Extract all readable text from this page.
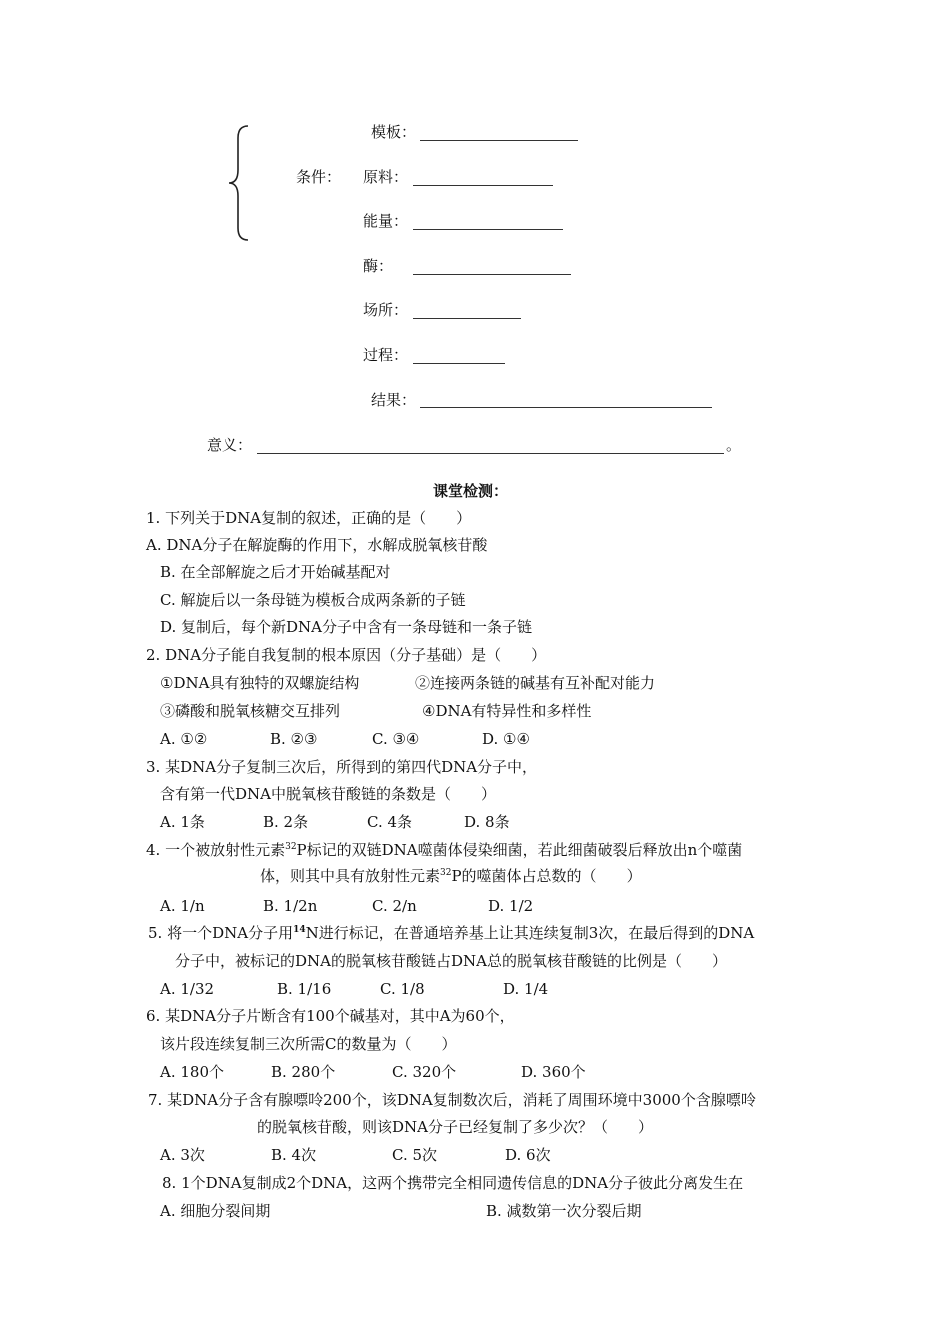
模板：
条件： 原料：
能量：
酶：
场所：
过程：
结果：
意义：	。
课堂检测：
1. 下列关于DNA复制的叙述，正确的是（　　）
A. DNA分子在解旋酶的作用下，水解成脱氧核苷酸
B. 在全部解旋之后才开始碱基配对
C. 解旋后以一条母链为模板合成两条新的子链
D. 复制后，每个新DNA分子中含有一条母链和一条子链
2. DNA分子能自我复制的根本原因（分子基础）是（　　）
①DNA具有独特的双螺旋结构	②连接两条链的碱基有互补配对能力
③磷酸和脱氧核糖交互排列	④DNA有特异性和多样性
A. ①②	B. ②③	C. ③④	D. ①④
3. 某DNA分子复制三次后，所得到的第四代DNA分子中，
含有第一代DNA中脱氧核苷酸链的条数是（　　）
A. 1条	B. 2条	C. 4条	D. 8条
4. 一个被放射性元素$^{32}$P标记的双链DNA噬菌体侵染细菌，若此细菌破裂后释放出n个噬菌
体，则其中具有放射性元素$^{32}$P的噬菌体占总数的（　　）
A. 1/n	B. 1/2n	C. 2/n	D. 1/2
5. 将一个DNA分子用$^{14}$N进行标记，在普通培养基上让其连续复制3次，在最后得到的DNA
分子中，被标记的DNA的脱氧核苷酸链占DNA总的脱氧核苷酸链的比例是（　　）
A. 1/32	B. 1/16	C. 1/8	D. 1/4
6. 某DNA分子片断含有100个碱基对，其中A为60个，
该片段连续复制三次所需C的数量为（　　）
A. 180个	B. 280个	C. 320个	D. 360个
7. 某DNA分子含有腺嘌呤200个，该DNA复制数次后，消耗了周围环境中3000个含腺嘌呤
的脱氧核苷酸，则该DNA分子已经复制了多少次？（　　）
A. 3次	B. 4次	C. 5次	D. 6次
8. 1个DNA复制成2个DNA，这两个携带完全相同遗传信息的DNA分子彼此分离发生在
A. 细胞分裂间期	B. 减数第一次分裂后期
